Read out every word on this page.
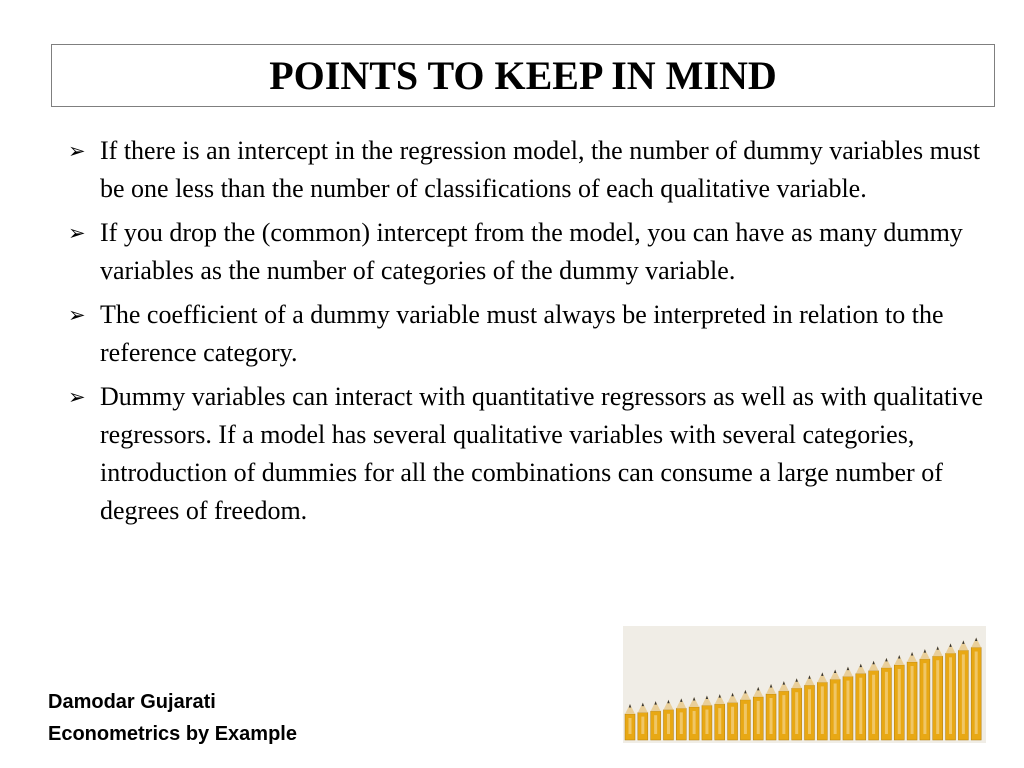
POINTS TO KEEP IN MIND
➢ If there is an intercept in the regression model, the number of dummy variables must be one less than the number of classifications of each qualitative variable.
➢ If you drop the (common) intercept from the model, you can have as many dummy variables as the number of categories of the dummy variable.
➢ The coefficient of a dummy variable must always be interpreted in relation to the reference category.
➢ Dummy variables can interact with quantitative regressors as well as with qualitative regressors. If a model has several qualitative variables with several categories, introduction of dummies for all the combinations can consume a large number of degrees of freedom.
Damodar Gujarati
Econometrics by Example
